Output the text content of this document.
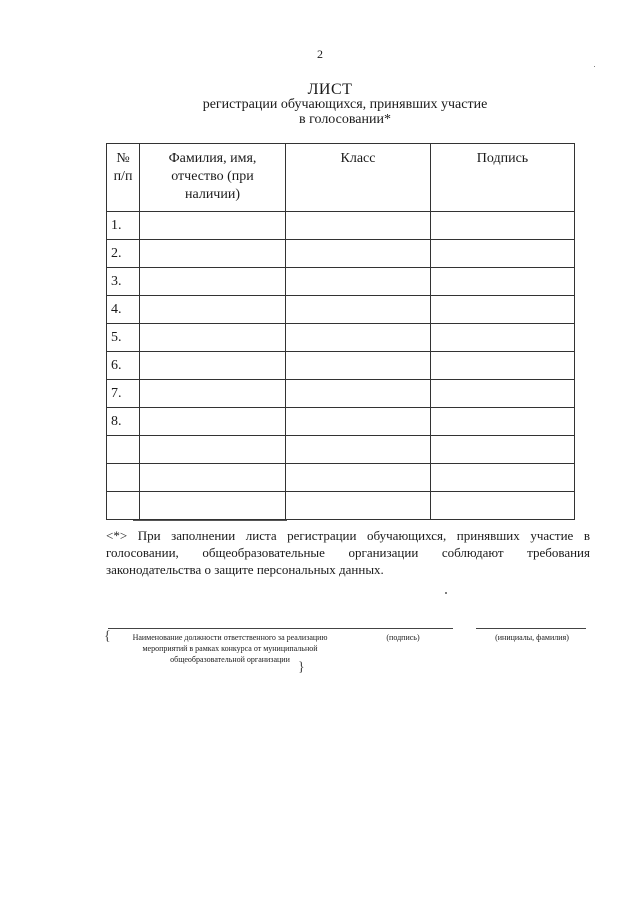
2
ЛИСТ
регистрации обучающихся, принявших участие
в голосовании*
№ п/п	Фамилия, имя, отчество (при наличии)	Класс	Подпись
1.			
2.			
3.			
4.			
5.			
6.			
7.			
8.			

<*> При заполнении листа регистрации обучающихся, принявших участие в голосовании, общеобразовательные организации соблюдают требования законодательства о защите персональных данных.
{	Наименование должности ответственного за реализацию мероприятий в рамках конкурса от муниципальной общеобразовательной организации
}
(подпись)	(инициалы, фамилия)
